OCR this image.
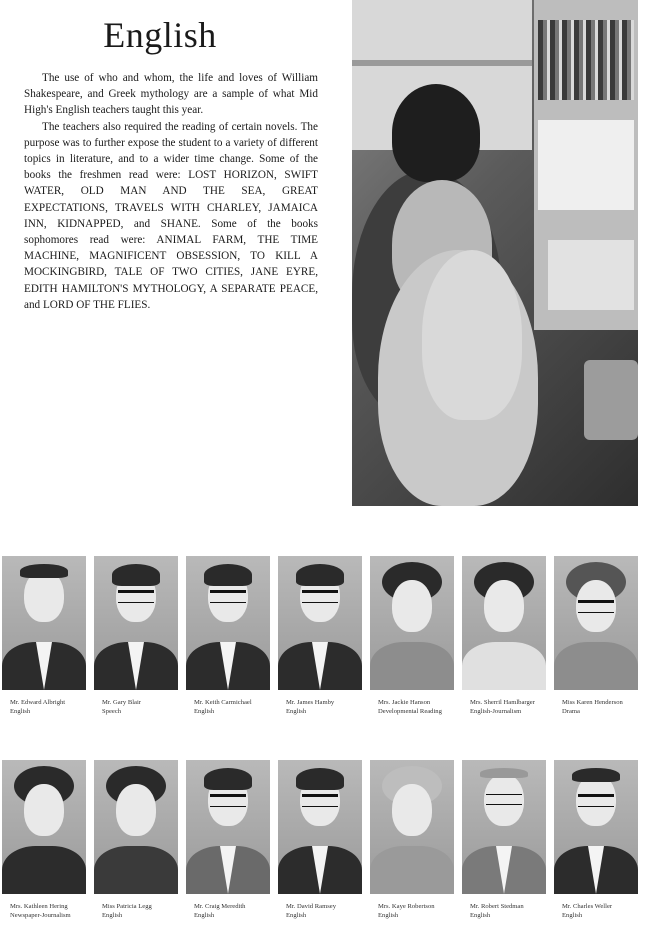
English

The use of who and whom, the life and loves of William Shakespeare, and Greek mythology are a sample of what Mid High's English teachers taught this year.

The teachers also required the reading of certain novels. The purpose was to further expose the student to a variety of different topics in literature, and to a wider time change. Some of the books the freshmen read were: LOST HORIZON, SWIFT WATER, OLD MAN AND THE SEA, GREAT EXPECTATIONS, TRAVELS WITH CHARLEY, JAMAICA INN, KIDNAPPED, and SHANE. Some of the books sophomores read were: ANIMAL FARM, THE TIME MACHINE, MAGNIFICENT OBSESSION, TO KILL A MOCKINGBIRD, TALE OF TWO CITIES, JANE EYRE, EDITH HAMILTON'S MYTHOLOGY, A SEPARATE PEACE, and LORD OF THE FLIES.

Mr. Edward Albright
English
Mr. Gary Blair
Speech
Mr. Keith Carmichael
English
Mr. James Hamby
English
Mrs. Jackie Hanson
Developmental Reading
Mrs. Sherril Hamlbarger
English-Journalism
Miss Karen Henderson
Drama
Mrs. Kathleen Hering
Newspaper-Journalism
Miss Patricia Legg
English
Mr. Craig Meredith
English
Mr. David Ramsey
English
Mrs. Kaye Robertson
English
Mr. Robert Stedman
English
Mr. Charles Weller
English
